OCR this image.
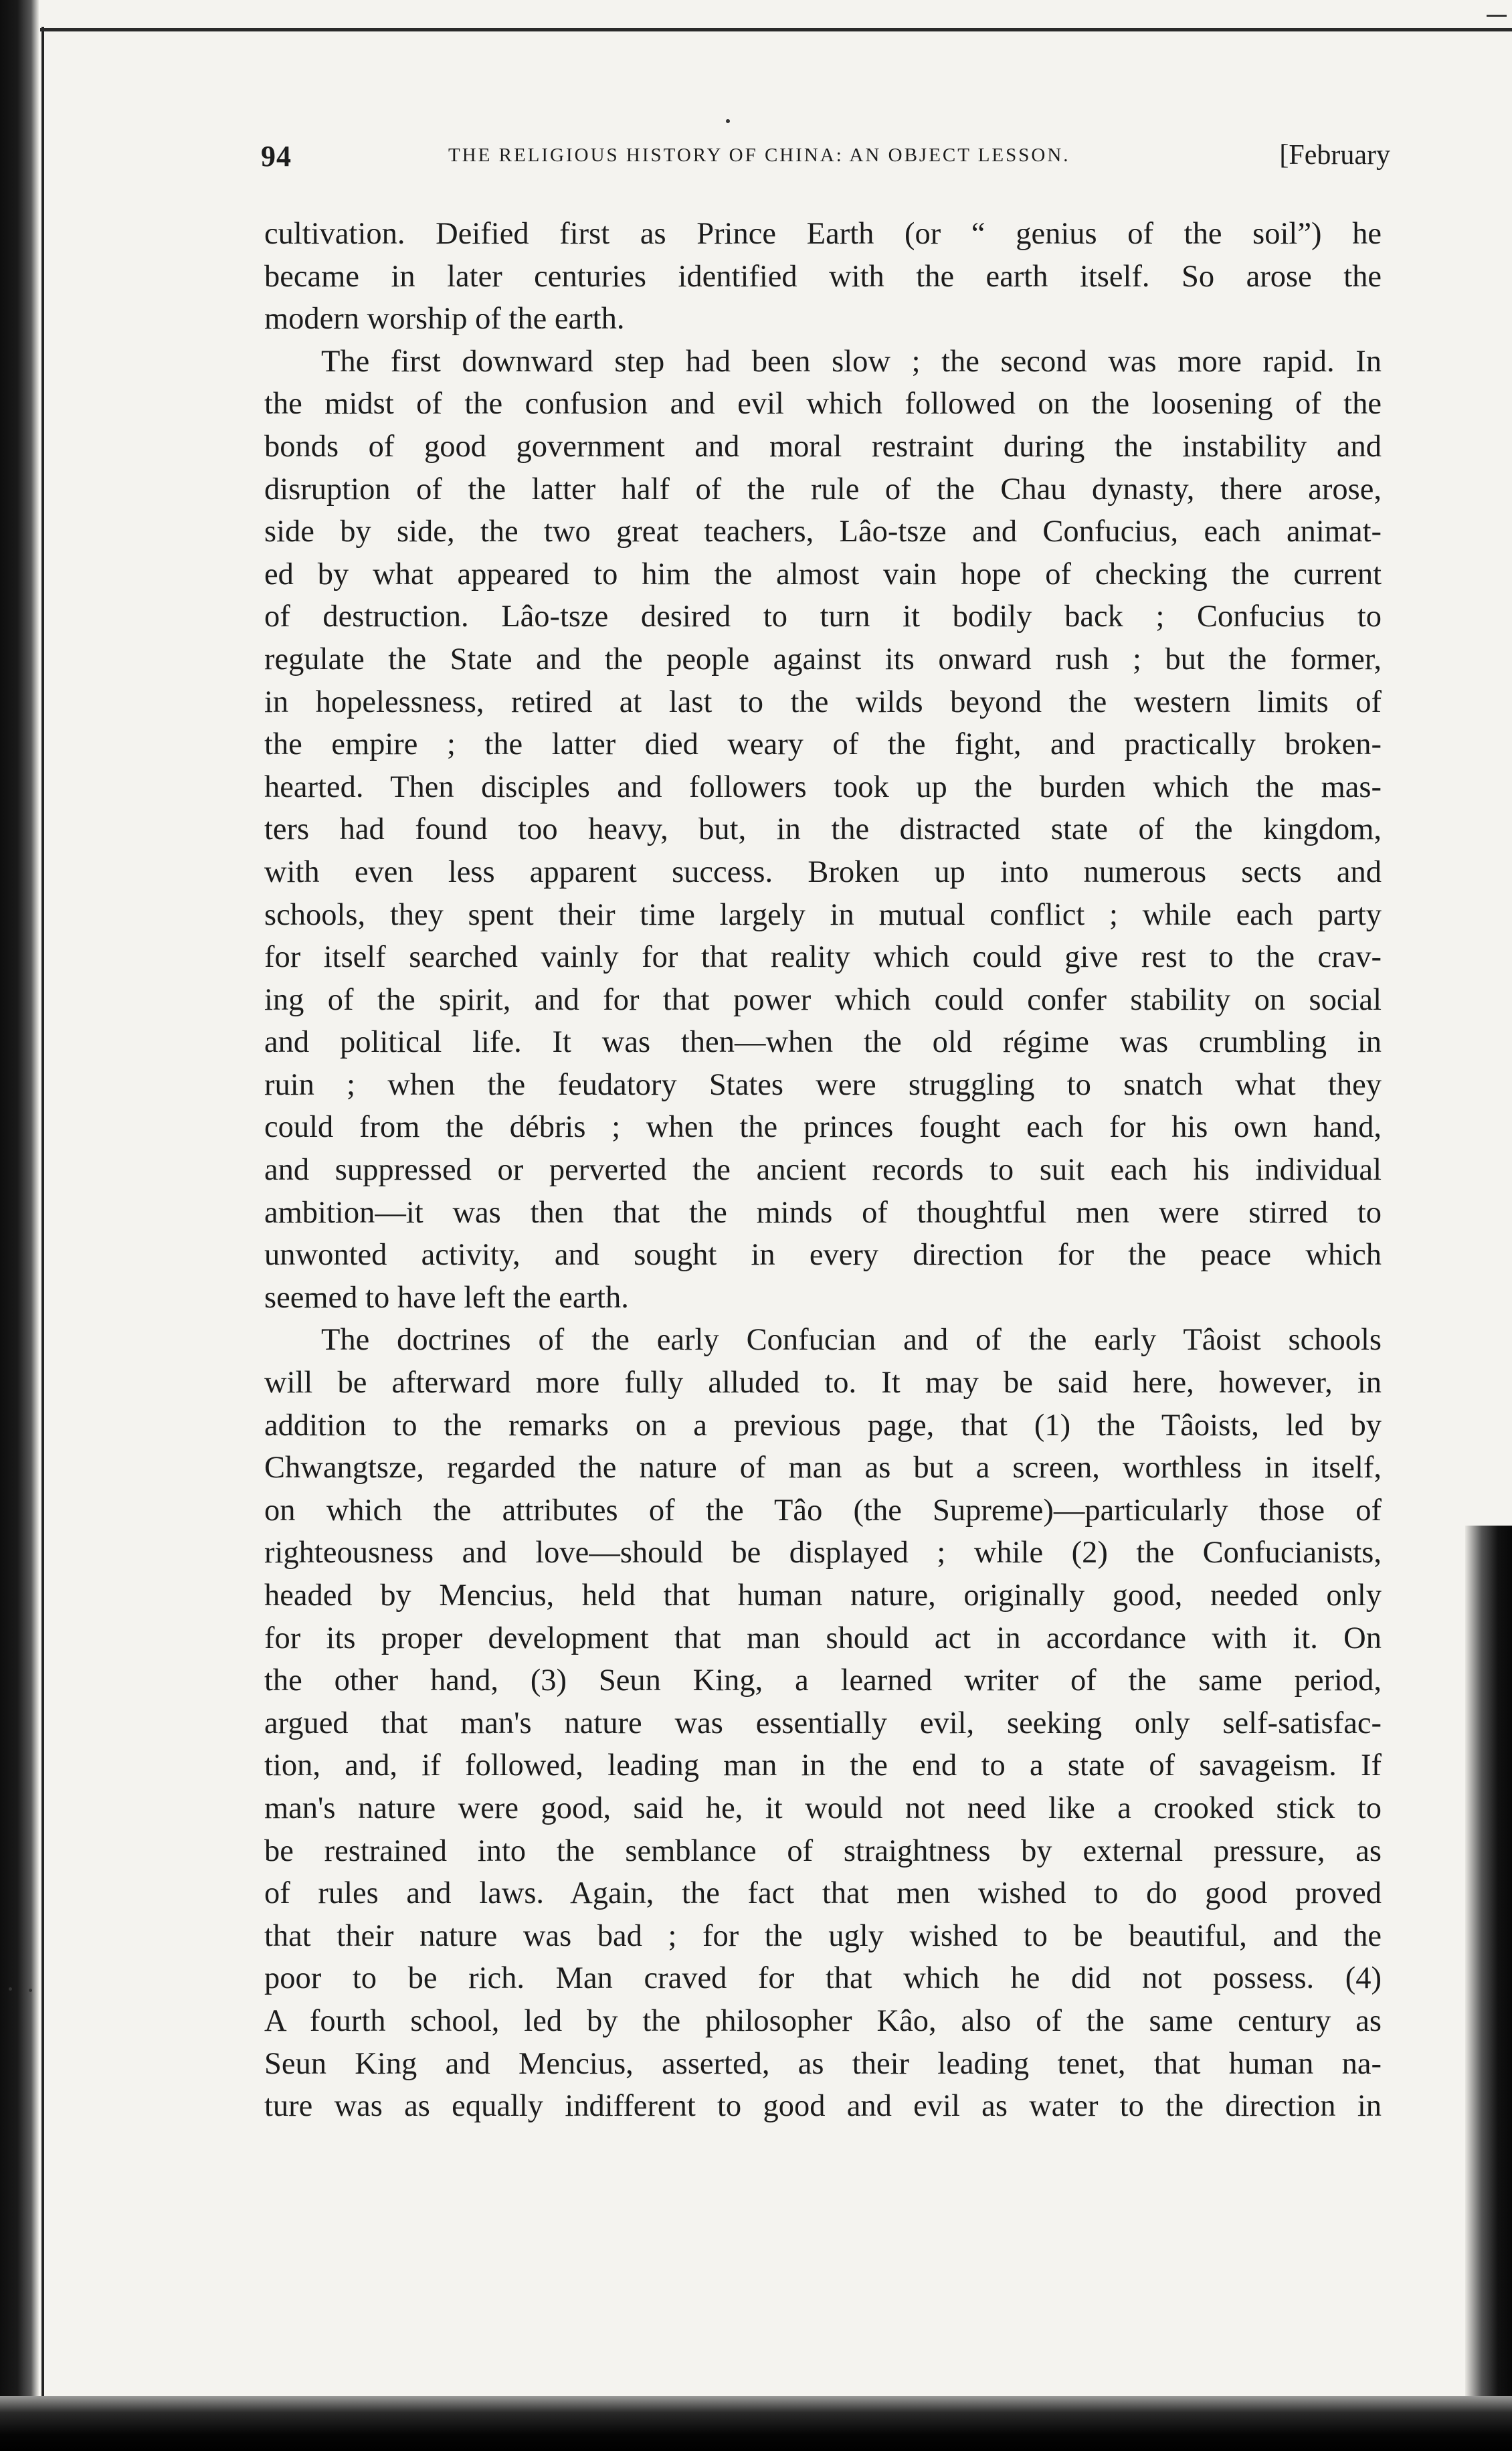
94	THE RELIGIOUS HISTORY OF CHINA: AN OBJECT LESSON.	[February
cultivation. Deified first as Prince Earth (or “ genius of the soil”) he
became in later centuries identified with the earth itself. So arose the
modern worship of the earth.
The first downward step had been slow ; the second was more rapid. In
the midst of the confusion and evil which followed on the loosening of the
bonds of good government and moral restraint during the instability and
disruption of the latter half of the rule of the Chau dynasty, there arose,
side by side, the two great teachers, Lâo-tsze and Confucius, each animat-
ed by what appeared to him the almost vain hope of checking the current
of destruction. Lâo-tsze desired to turn it bodily back ; Confucius to
regulate the State and the people against its onward rush ; but the former,
in hopelessness, retired at last to the wilds beyond the western limits of
the empire ; the latter died weary of the fight, and practically broken-
hearted. Then disciples and followers took up the burden which the mas-
ters had found too heavy, but, in the distracted state of the kingdom,
with even less apparent success. Broken up into numerous sects and
schools, they spent their time largely in mutual conflict ; while each party
for itself searched vainly for that reality which could give rest to the crav-
ing of the spirit, and for that power which could confer stability on social
and political life. It was then—when the old régime was crumbling in
ruin ; when the feudatory States were struggling to snatch what they
could from the débris ; when the princes fought each for his own hand,
and suppressed or perverted the ancient records to suit each his individual
ambition—it was then that the minds of thoughtful men were stirred to
unwonted activity, and sought in every direction for the peace which
seemed to have left the earth.
The doctrines of the early Confucian and of the early Tâoist schools
will be afterward more fully alluded to. It may be said here, however, in
addition to the remarks on a previous page, that (1) the Tâoists, led by
Chwangtsze, regarded the nature of man as but a screen, worthless in itself,
on which the attributes of the Tâo (the Supreme)—particularly those of
righteousness and love—should be displayed ; while (2) the Confucianists,
headed by Mencius, held that human nature, originally good, needed only
for its proper development that man should act in accordance with it. On
the other hand, (3) Seun King, a learned writer of the same period,
argued that man's nature was essentially evil, seeking only self-satisfac-
tion, and, if followed, leading man in the end to a state of savageism. If
man's nature were good, said he, it would not need like a crooked stick to
be restrained into the semblance of straightness by external pressure, as
of rules and laws. Again, the fact that men wished to do good proved
that their nature was bad ; for the ugly wished to be beautiful, and the
poor to be rich. Man craved for that which he did not possess. (4)
A fourth school, led by the philosopher Kâo, also of the same century as
Seun King and Mencius, asserted, as their leading tenet, that human na-
ture was as equally indifferent to good and evil as water to the direction in
